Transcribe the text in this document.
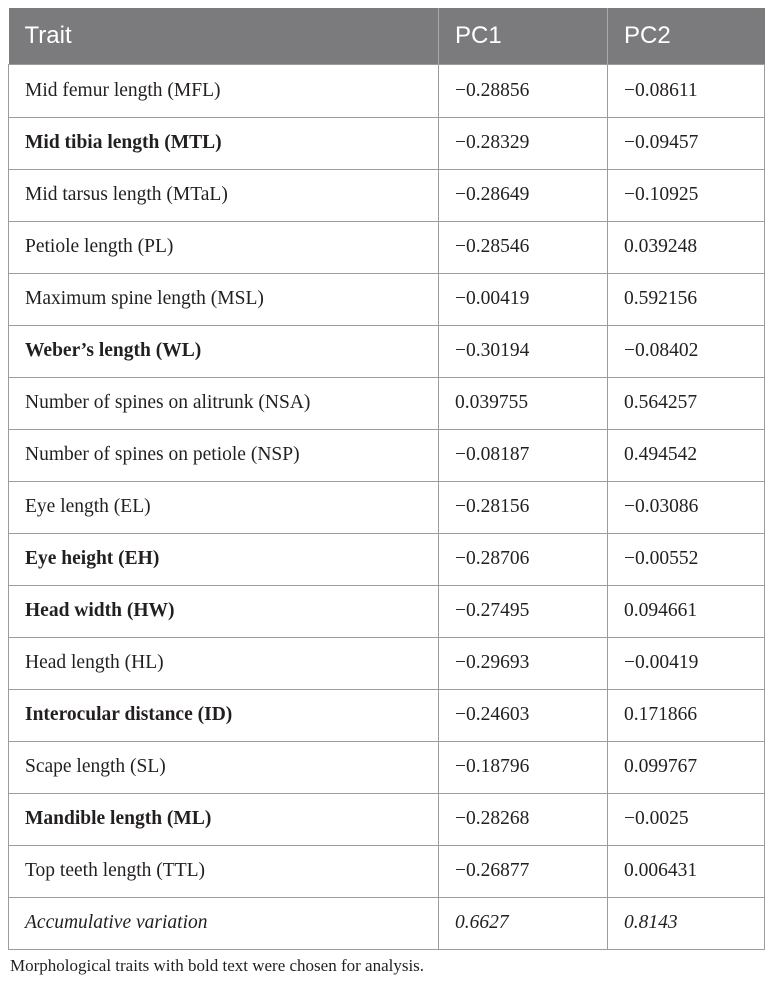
Trait	PC1	PC2
Mid femur length (MFL)	−0.28856	−0.08611
Mid tibia length (MTL)	−0.28329	−0.09457
Mid tarsus length (MTaL)	−0.28649	−0.10925
Petiole length (PL)	−0.28546	0.039248
Maximum spine length (MSL)	−0.00419	0.592156
Weber’s length (WL)	−0.30194	−0.08402
Number of spines on alitrunk (NSA)	0.039755	0.564257
Number of spines on petiole (NSP)	−0.08187	0.494542
Eye length (EL)	−0.28156	−0.03086
Eye height (EH)	−0.28706	−0.00552
Head width (HW)	−0.27495	0.094661
Head length (HL)	−0.29693	−0.00419
Interocular distance (ID)	−0.24603	0.171866
Scape length (SL)	−0.18796	0.099767
Mandible length (ML)	−0.28268	−0.0025
Top teeth length (TTL)	−0.26877	0.006431
Accumulative variation	0.6627	0.8143
Morphological traits with bold text were chosen for analysis.
